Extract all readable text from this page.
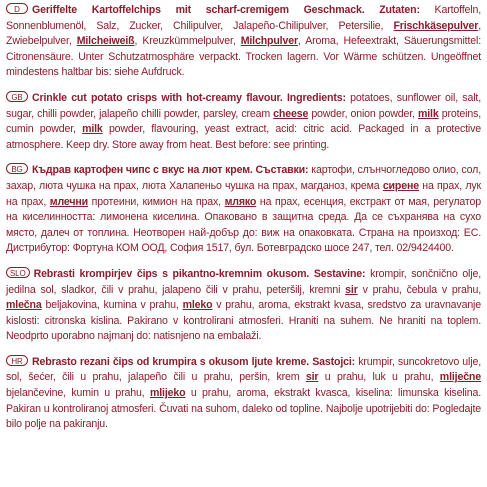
D Geriffelte Kartoffelchips mit scharf-cremigem Geschmack. Zutaten: Kartoffeln, Sonnenblumenöl, Salz, Zucker, Chilipulver, Jalapeño-Chilipulver, Petersilie, Frischkäsepulver, Zwiebelpulver, Milcheiweiß, Kreuzkümmelpulver, Milchpulver, Aroma, Hefeextrakt, Säuerungsmittel: Citronensäure. Unter Schutzatmosphäre verpackt. Trocken lagern. Vor Wärme schützen. Ungeöffnet mindestens haltbar bis: siehe Aufdruck.

GB Crinkle cut potato crisps with hot-creamy flavour. Ingredients: potatoes, sunflower oil, salt, sugar, chilli powder, jalapeño chilli powder, parsley, cream cheese powder, onion powder, milk proteins, cumin powder, milk powder, flavouring, yeast extract, acid: citric acid. Packaged in a protective atmosphere. Keep dry. Store away from heat. Best before: see printing.

BG Къдрав картофен чипс с вкус на лют крем. Съставки: картофи, слънчогледово олио, сол, захар, люта чушка на прах, люта Халапеньо чушка на прах, магданоз, крема сирене на прах, лук на прах, млечни протеини, кимион на прах, мляко на прах, есенция, екстракт от мая, регулатор на киселинността: лимонена киселина. Опаковано в защитна среда. Да се съхранява на сухо място, далеч от топлина. Неотворен най-добър до: виж на опаковката. Страна на произход: ЕС. Дистрибутор: Фортуна КОМ ООД, София 1517, бул. Ботевградско шосе 247, тел. 02/9424400.

SLO Rebrasti krompirjev čips s pikantno-kremnim okusom. Sestavine: krompir, sončnično olje, jedilna sol, sladkor, čili v prahu, jalapeno čili v prahu, peteršilj, kremni sir v prahu, čebula v prahu, mlečna beljakovina, kumina v prahu, mleko v prahu, aroma, ekstrakt kvasa, sredstvo za uravnavanje kislosti: citronska kislina. Pakirano v kontrolirani atmosferi. Hraniti na suhem. Ne hraniti na toplem. Neodprto uporabno najmanj do: natisnjeno na embalaži.

HR Rebrasto rezani čips od krumpira s okusom ljute kreme. Sastojci: krumpir, suncokretovo ulje, sol, šećer, čili u prahu, jalapeño čili u prahu, peršin, krem sir u prahu, luk u prahu, mliječne bjelančevine, kumin u prahu, mlijeko u prahu, aroma, ekstrakt kvasca, kiselina: limunska kiselina. Pakiran u kontroliranoj atmosferi. Čuvati na suhom, daleko od topline. Najbolje upotrijebiti do: Pogledajte bilo polje na pakiranju.
